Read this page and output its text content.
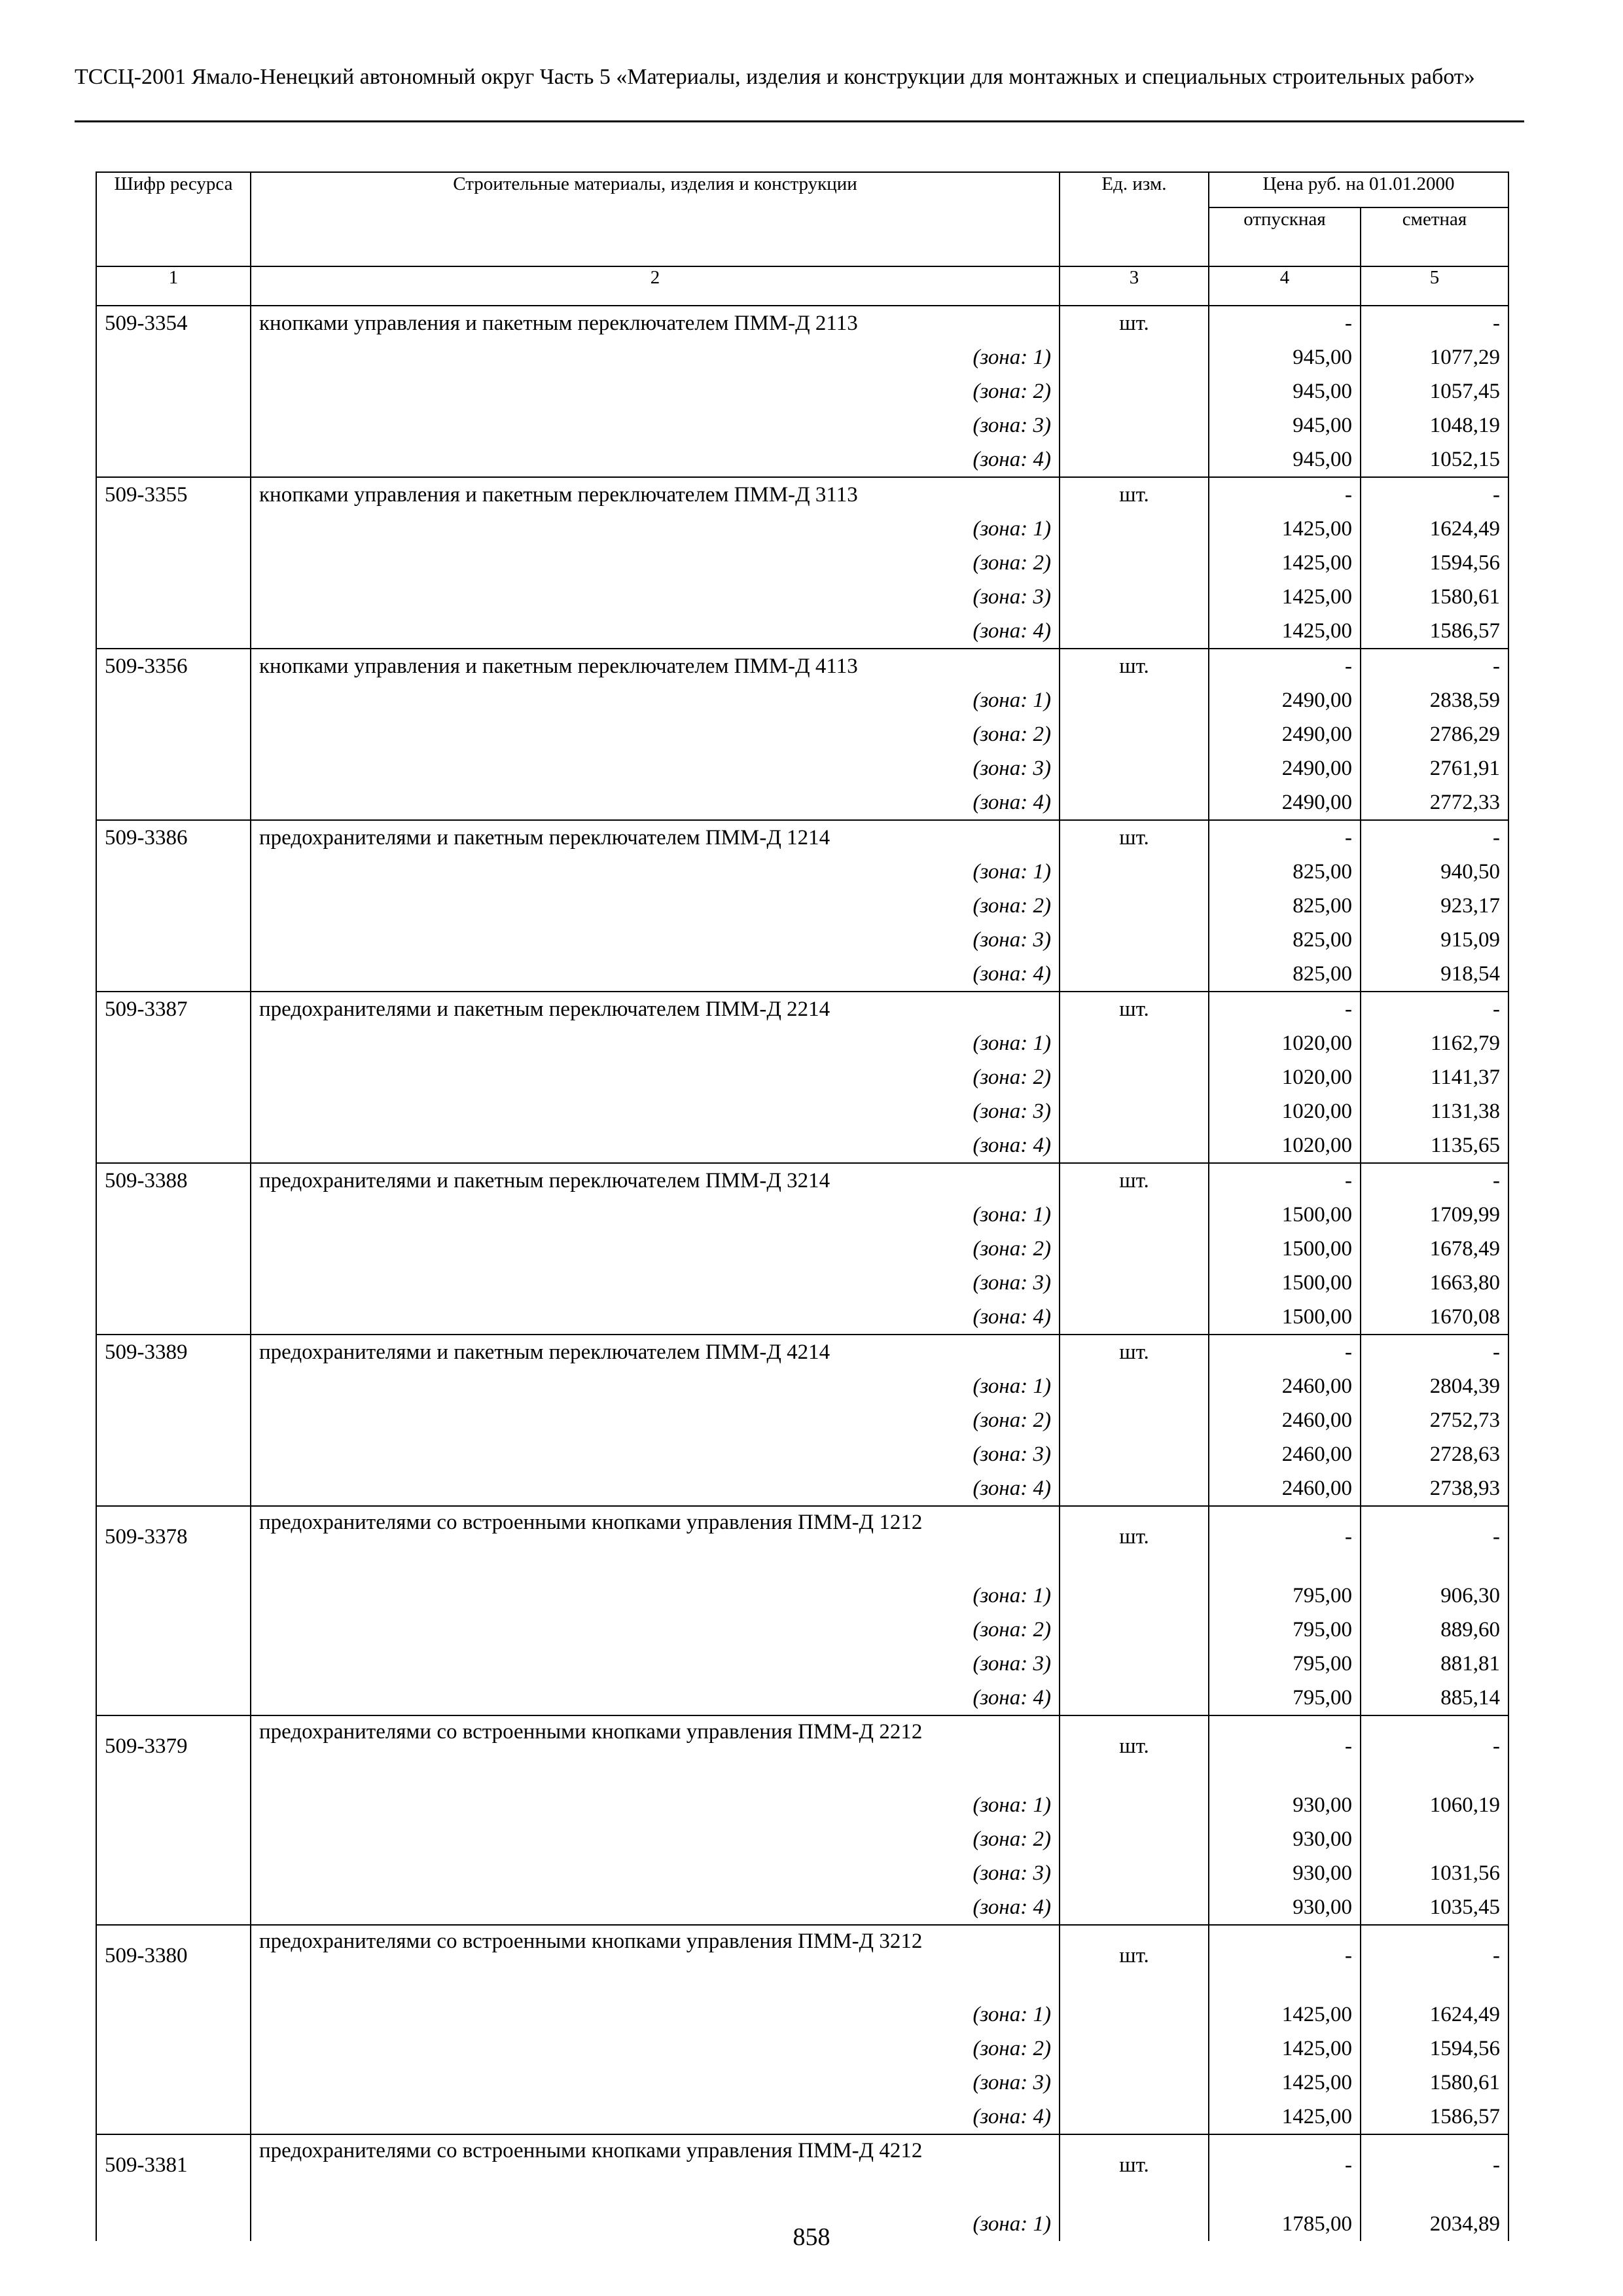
ТССЦ-2001 Ямало-Ненецкий автономный округ Часть 5 «Материалы, изделия и конструкции для монтажных и специальных строительных работ»
Шифр ресурса	Строительные материалы, изделия и конструкции	Ед. изм.	Цена руб. на 01.01.2000	
			отпускная	сметная
1	2	3	4	5
509-3354	кнопками управления и пакетным переключателем ПММ-Д 2113	шт.	-	-
	(зона: 1)		945,00	1077,29
	(зона: 2)		945,00	1057,45
	(зона: 3)		945,00	1048,19
	(зона: 4)		945,00	1052,15
509-3355	кнопками управления и пакетным переключателем ПММ-Д 3113	шт.	-	-
	(зона: 1)		1425,00	1624,49
	(зона: 2)		1425,00	1594,56
	(зона: 3)		1425,00	1580,61
	(зона: 4)		1425,00	1586,57
509-3356	кнопками управления и пакетным переключателем ПММ-Д 4113	шт.	-	-
	(зона: 1)		2490,00	2838,59
	(зона: 2)		2490,00	2786,29
	(зона: 3)		2490,00	2761,91
	(зона: 4)		2490,00	2772,33
509-3386	предохранителями и пакетным переключателем ПММ-Д 1214	шт.	-	-
	(зона: 1)		825,00	940,50
	(зона: 2)		825,00	923,17
	(зона: 3)		825,00	915,09
	(зона: 4)		825,00	918,54
509-3387	предохранителями и пакетным переключателем ПММ-Д 2214	шт.	-	-
	(зона: 1)		1020,00	1162,79
	(зона: 2)		1020,00	1141,37
	(зона: 3)		1020,00	1131,38
	(зона: 4)		1020,00	1135,65
509-3388	предохранителями и пакетным переключателем ПММ-Д 3214	шт.	-	-
	(зона: 1)		1500,00	1709,99
	(зона: 2)		1500,00	1678,49
	(зона: 3)		1500,00	1663,80
	(зона: 4)		1500,00	1670,08
509-3389	предохранителями и пакетным переключателем ПММ-Д 4214	шт.	-	-
	(зона: 1)		2460,00	2804,39
	(зона: 2)		2460,00	2752,73
	(зона: 3)		2460,00	2728,63
	(зона: 4)		2460,00	2738,93
509-3378	предохранителями со встроенными кнопками управления ПММ-Д 1212	шт.	-	-
	(зона: 1)		795,00	906,30
	(зона: 2)		795,00	889,60
	(зона: 3)		795,00	881,81
	(зона: 4)		795,00	885,14
509-3379	предохранителями со встроенными кнопками управления ПММ-Д 2212	шт.	-	-
	(зона: 1)		930,00	1060,19
	(зона: 2)		930,00	
	(зона: 3)		930,00	1031,56
	(зона: 4)		930,00	1035,45
509-3380	предохранителями со встроенными кнопками управления ПММ-Д 3212	шт.	-	-
	(зона: 1)		1425,00	1624,49
	(зона: 2)		1425,00	1594,56
	(зона: 3)		1425,00	1580,61
	(зона: 4)		1425,00	1586,57
509-3381	предохранителями со встроенными кнопками управления ПММ-Д 4212	шт.	-	-
	(зона: 1)		1785,00	2034,89
858
